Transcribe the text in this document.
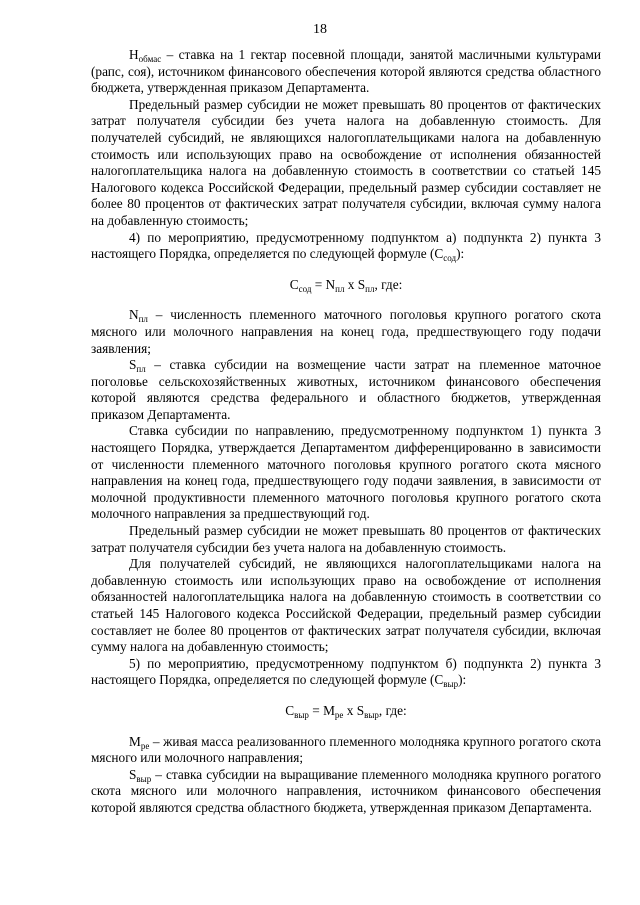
18

$H_{обмас}$ – ставка на 1 гектар посевной площади, занятой масличными культурами (рапс, соя), источником финансового обеспечения которой являются средства областного бюджета, утвержденная приказом Департамента.

Предельный размер субсидии не может превышать 80 процентов от фактических затрат получателя субсидии без учета налога на добавленную стоимость. Для получателей субсидий, не являющихся налогоплательщиками налога на добавленную стоимость или использующих право на освобождение от исполнения обязанностей налогоплательщика налога на добавленную стоимость в соответствии со статьей 145 Налогового кодекса Российской Федерации, предельный размер субсидии составляет не более 80 процентов от фактических затрат получателя субсидии, включая сумму налога на добавленную стоимость;

4) по мероприятию, предусмотренному подпунктом а) подпункта 2) пункта 3 настоящего Порядка, определяется по следующей формуле $(C_{сод})$:

$C_{сод} = N_{пл}$ x $S_{пл}$, где:

$N_{пл}$ – численность племенного маточного поголовья крупного рогатого скота мясного или молочного направления на конец года, предшествующего году подачи заявления;

$S_{пл}$ – ставка субсидии на возмещение части затрат на племенное маточное поголовье сельскохозяйственных животных, источником финансового обеспечения которой являются средства федерального и областного бюджетов, утвержденная приказом Департамента.

Ставка субсидии по направлению, предусмотренному подпунктом 1) пункта 3 настоящего Порядка, утверждается Департаментом дифференцированно в зависимости от численности племенного маточного поголовья крупного рогатого скота мясного направления на конец года, предшествующего году подачи заявления, в зависимости от молочной продуктивности племенного маточного поголовья крупного рогатого скота молочного направления за предшествующий год.

Предельный размер субсидии не может превышать 80 процентов от фактических затрат получателя субсидии без учета налога на добавленную стоимость.

Для получателей субсидий, не являющихся налогоплательщиками налога на добавленную стоимость или использующих право на освобождение от исполнения обязанностей налогоплательщика налога на добавленную стоимость в соответствии со статьей 145 Налогового кодекса Российской Федерации, предельный размер субсидии составляет не более 80 процентов от фактических затрат получателя субсидии, включая сумму налога на добавленную стоимость;

5) по мероприятию, предусмотренному подпунктом б) подпункта 2) пункта 3 настоящего Порядка, определяется по следующей формуле $(C_{выр})$:

$C_{выр} = M_{ре}$ x $S_{выр}$, где:

$M_{ре}$ – живая масса реализованного племенного молодняка крупного рогатого скота мясного или молочного направления;

$S_{выр}$ – ставка субсидии на выращивание племенного молодняка крупного рогатого скота мясного или молочного направления, источником финансового обеспечения которой являются средства областного бюджета, утвержденная приказом Департамента.
